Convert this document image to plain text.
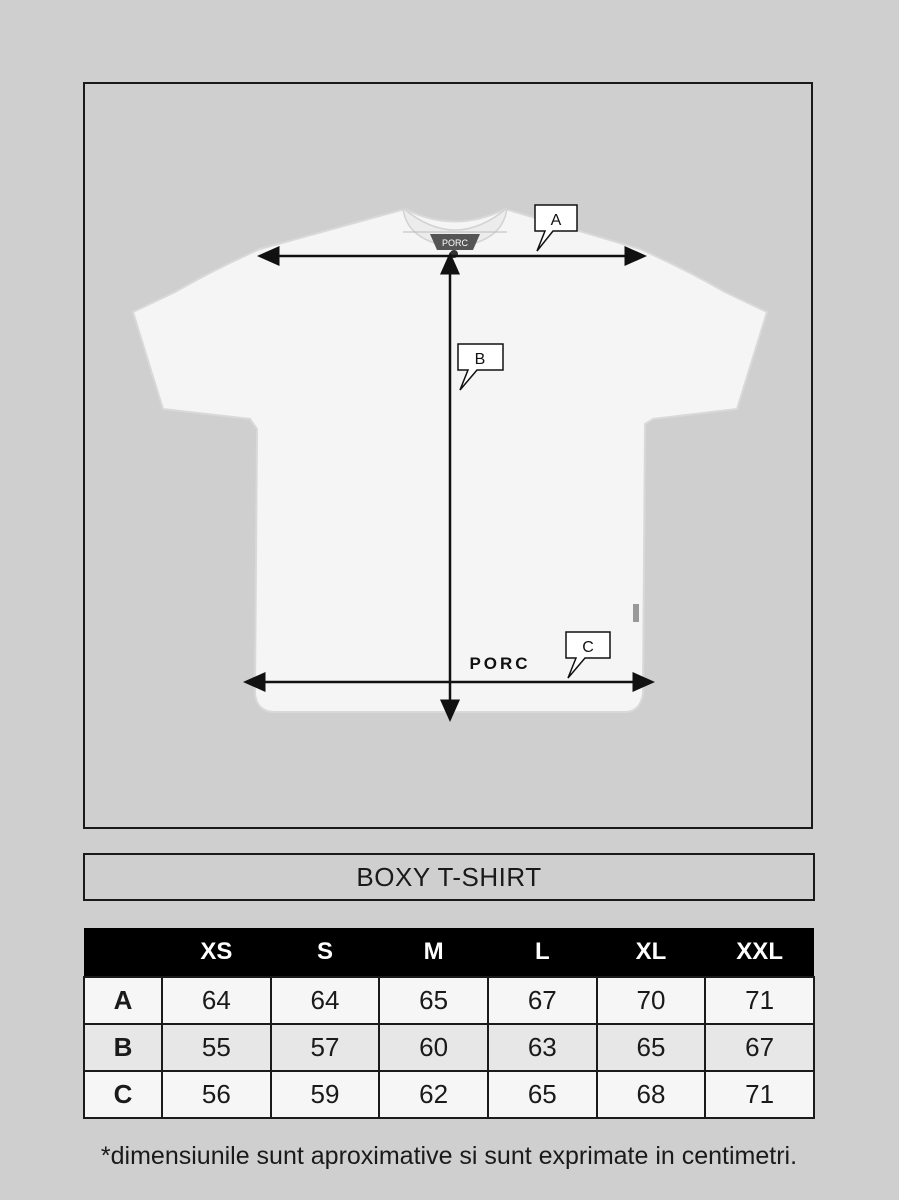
PORC
PORC
A
B
C
BOXY T-SHIRT
	XS	S	M	L	XL	XXL
A	64	64	65	67	70	71
B	55	57	60	63	65	67
C	56	59	62	65	68	71
*dimensiunile sunt aproximative si sunt exprimate in centimetri.
